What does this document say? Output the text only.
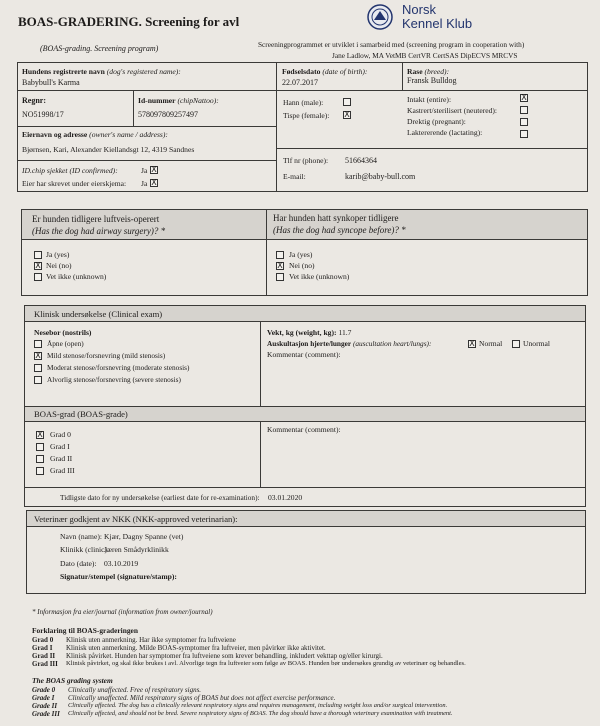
BOAS-GRADERING. Screening for avl
(BOAS-grading. Screening program)
Norsk
Kennel Klub
Screeningprogrammet er utviklet i samarbeid med (screening program in cooperation with)
Jane Ladlow, MA VetMB CertVR CertSAS DipECVS MRCVS
Hundens registrerte navn (dog's registered name):
Babybull's Karma
Fødselsdato (date of birth):
22.07.2017
Rase (breed):
Fransk Bulldog
Regnr:
NO51998/17
Id-nummer (chipNattoo):
578097809257497
Hann (male):
Tispe (female): X
Intakt (entire):	X
Kastrert/sterilisert (neutered):
Drektig (pregnant):
Laktererende (lactating):
Eiernavn og adresse (owner's name / address):
Bjørnsen, Kari, Alexander Kiellandsgt 12, 4319 Sandnes
Tlf nr (phone): 51664364
E-mail:	karib@baby-bull.com
ID.chip sjekket (ID confirmed):	Ja X
Eier har skrevet under eierskjema: Ja X
Er hunden tidligere luftveis-operert
(Has the dog had airway surgery)? *
Har hunden hatt synkoper tidligere
(Has the dog had syncope before)? *
Ja (yes)
X Nei (no)
Vet ikke (unknown)
Ja (yes)
X Nei (no)
Vet ikke (unknown)
Klinisk undersøkelse (Clinical exam)
Nesebor (nostrils)
Åpne (open)
X Mild stenose/forsnevring (mild stenosis)
Moderat stenose/forsnevring (moderate stenosis)
Alvorlig stenose/forsnevring (severe stenosis)
Vekt, kg (weight, kg): 11.7
Auskultasjon hjerte/lunger (auscultation heart/lungs):	X Normal	Unormal
Kommentar (comment):
BOAS-grad (BOAS-grade)
X Grad 0
Grad I
Grad II
Grad III
Kommentar (comment):
Tidligste dato for ny undersøkelse (earliest date for re-examination): 03.01.2020
Veterinær godkjent av NKK (NKK-approved veterinarian):
Navn (name): Kjær, Dagny Spanne (vet)
Klinikk (clinic):
Jæren Smådyrklinikk
Dato (date): 03.10.2019
Signatur/stempel (signature/stamp):
* Informasjon fra eier/journal (information from owner/journal)
Forklaring til BOAS-graderingen
Grad 0 Klinisk uten anmerkning. Har ikke symptomer fra luftveiene
Grad I Klinisk uten anmerkning. Milde BOAS-symptomer fra luftveier, men påvirker ikke aktivitet.
Grad II Klinisk påvirket. Hunden har symptomer fra luftveiene som krever behandling, inkludert vekttap og/eller kirurgi.
Grad III Klinisk påvirket, og skal ikke brukes i avl. Alvorlige tegn fra luftveier som følge av BOAS. Hunden bør undersøkes grundig av veterinær og behandles.
The BOAS grading system
Grade 0 Clinically unaffected. Free of respiratory signs.
Grade I Clinically unaffected. Mild respiratory signs of BOAS but does not affect exercise performance.
Grade II Clinically affected. The dog has a clinically relevant respiratory signs and requires management, including weight loss and/or surgical intervention.
Grade III Clinically affected, and should not be bred. Severe respiratory signs of BOAS. The dog should have a thorough veterinary examination with treatment.
